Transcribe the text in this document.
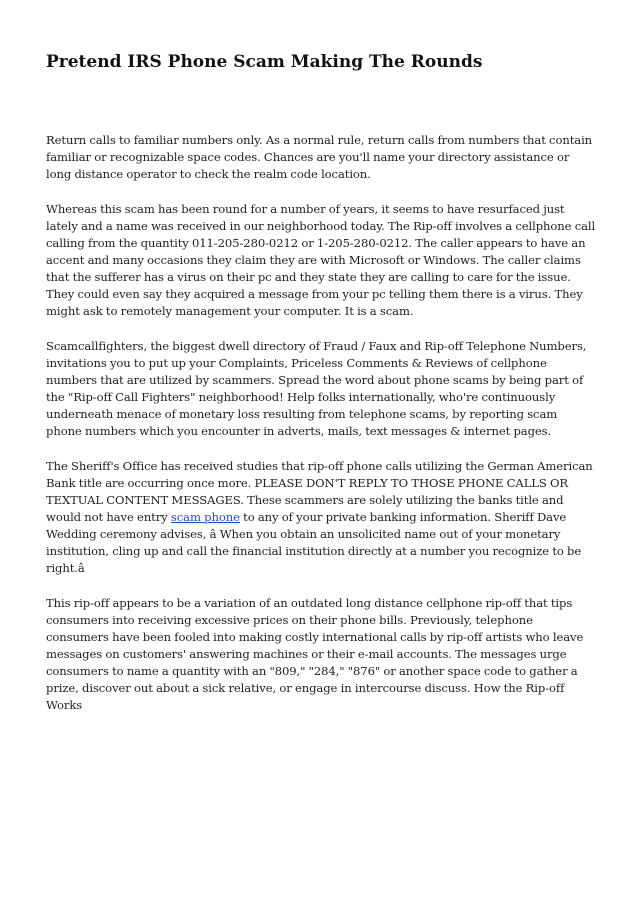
Pretend IRS Phone Scam Making The Rounds

Return calls to familiar numbers only. As a normal rule, return calls from numbers that contain familiar or recognizable space codes. Chances are you'll name your directory assistance or long distance operator to check the realm code location.

Whereas this scam has been round for a number of years, it seems to have resurfaced just lately and a name was received in our neighborhood today. The Rip-off involves a cellphone call calling from the quantity 011-205-280-0212 or 1-205-280-0212. The caller appears to have an accent and many occasions they claim they are with Microsoft or Windows. The caller claims that the sufferer has a virus on their pc and they state they are calling to care for the issue. They could even say they acquired a message from your pc telling them there is a virus. They might ask to remotely management your computer. It is a scam.

Scamcallfighters, the biggest dwell directory of Fraud / Faux and Rip-off Telephone Numbers, invitations you to put up your Complaints, Priceless Comments & Reviews of cellphone numbers that are utilized by scammers. Spread the word about phone scams by being part of the "Rip-off Call Fighters" neighborhood! Help folks internationally, who're continuously underneath menace of monetary loss resulting from telephone scams, by reporting scam phone numbers which you encounter in adverts, mails, text messages & internet pages.

The Sheriff's Office has received studies that rip-off phone calls utilizing the German American Bank title are occurring once more. PLEASE DON'T REPLY TO THOSE PHONE CALLS OR TEXTUAL CONTENT MESSAGES. These scammers are solely utilizing the banks title and would not have entry scam phone to any of your private banking information. Sheriff Dave Wedding ceremony advises, â When you obtain an unsolicited name out of your monetary institution, cling up and call the financial institution directly at a number you recognize to be right.â

This rip-off appears to be a variation of an outdated long distance cellphone rip-off that tips consumers into receiving excessive prices on their phone bills. Previously, telephone consumers have been fooled into making costly international calls by rip-off artists who leave messages on customers' answering machines or their e-mail accounts. The messages urge consumers to name a quantity with an "809," "284," "876" or another space code to gather a prize, discover out about a sick relative, or engage in intercourse discuss. How the Rip-off Works
